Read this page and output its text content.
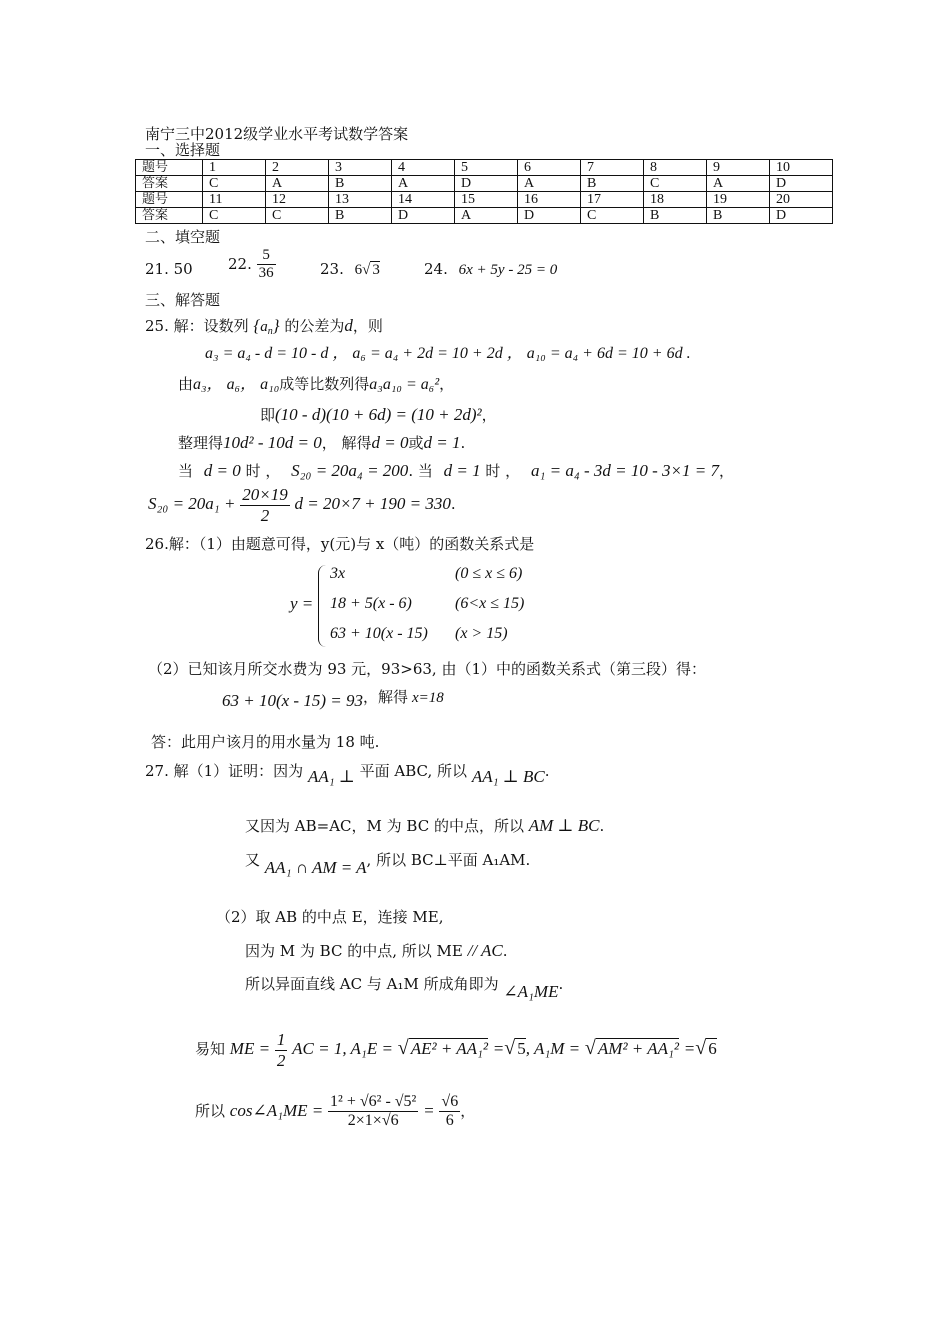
南宁三中2012级学业水平考试数学答案
一、选择题
题号	1	2	3	4	5	6	7	8	9	10
答案	C	A	B	A	D	A	B	C	A	D
题号	11	12	13	14	15	16	17	18	19	20
答案	C	C	B	D	A	D	C	B	B	D
二、填空题
21. 50 22. $\frac{5}{36}$	23. 6√ 3	24. 6x + 5y - 25 = 0
三、解答题
25. 解：设数列 $\{a_n\}$ 的公差为d，则
a₃ = a₄ - d = 10 - d ， a₆ = a₄ + 2d = 10 + 2d ， a₁₀ = a₄ + 6d = 10 + 6d .
由a₃， a₆， a₁₀成等比数列得a₃a₁₀ = a₆²，
即(10 - d)(10 + 6d) = (10 + 2d)²，
整理得10d² - 10d = 0， 解得d = 0或d = 1.
当 d = 0 时 ， S₂₀ = 20a₄ = 200. 当 d = 1 时 ， a₁ = a₄ - 3d = 10 - 3×1 = 7，
$S_{20} = 20a_1 + \frac{20\times 19}{2}$ d = 20×7 + 190 = 330.
26.解：（1）由题意可得，y(元)与 x（吨）的函数关系式是
y =
3x	(0 ≤ x ≤ 6)
18 + 5(x - 6)	(6<x ≤ 15)
63 + 10(x - 15) (x > 15)
（2）已知该月所交水费为 93 元，93>63, 由（1）中的函数关系式（第三段）得：
63 + 10(x - 15) = 93，解得 x=18
答：此用户该月的用水量为 18 吨.
27. 解（1）证明：因为 AA₁ ⊥ 平面 ABC, 所以 AA₁ ⊥ BC.
又因为 AB=AC，M 为 BC 的中点，所以 AM ⊥ BC.
又 AA₁ ∩ AM = A, 所以 BC⊥平面 A₁AM.
（2）取 AB 的中点 E，连接 ME,
因为 M 为 BC 的中点, 所以 ME // AC.
所以异面直线 AC 与 A₁M 所成角即为 ∠A₁ME.
易知 ME = $\frac{1}{2}$ AC = 1, A₁E = √ AE² + AA₁² =√ 5, A₁M = √ AM² + AA₁² =√ 6
所以 cos∠A₁ME = $\frac{\text{1² + √6² - √5²}}{2\times 1\times√6} = \frac{√6}{6}$ ，
